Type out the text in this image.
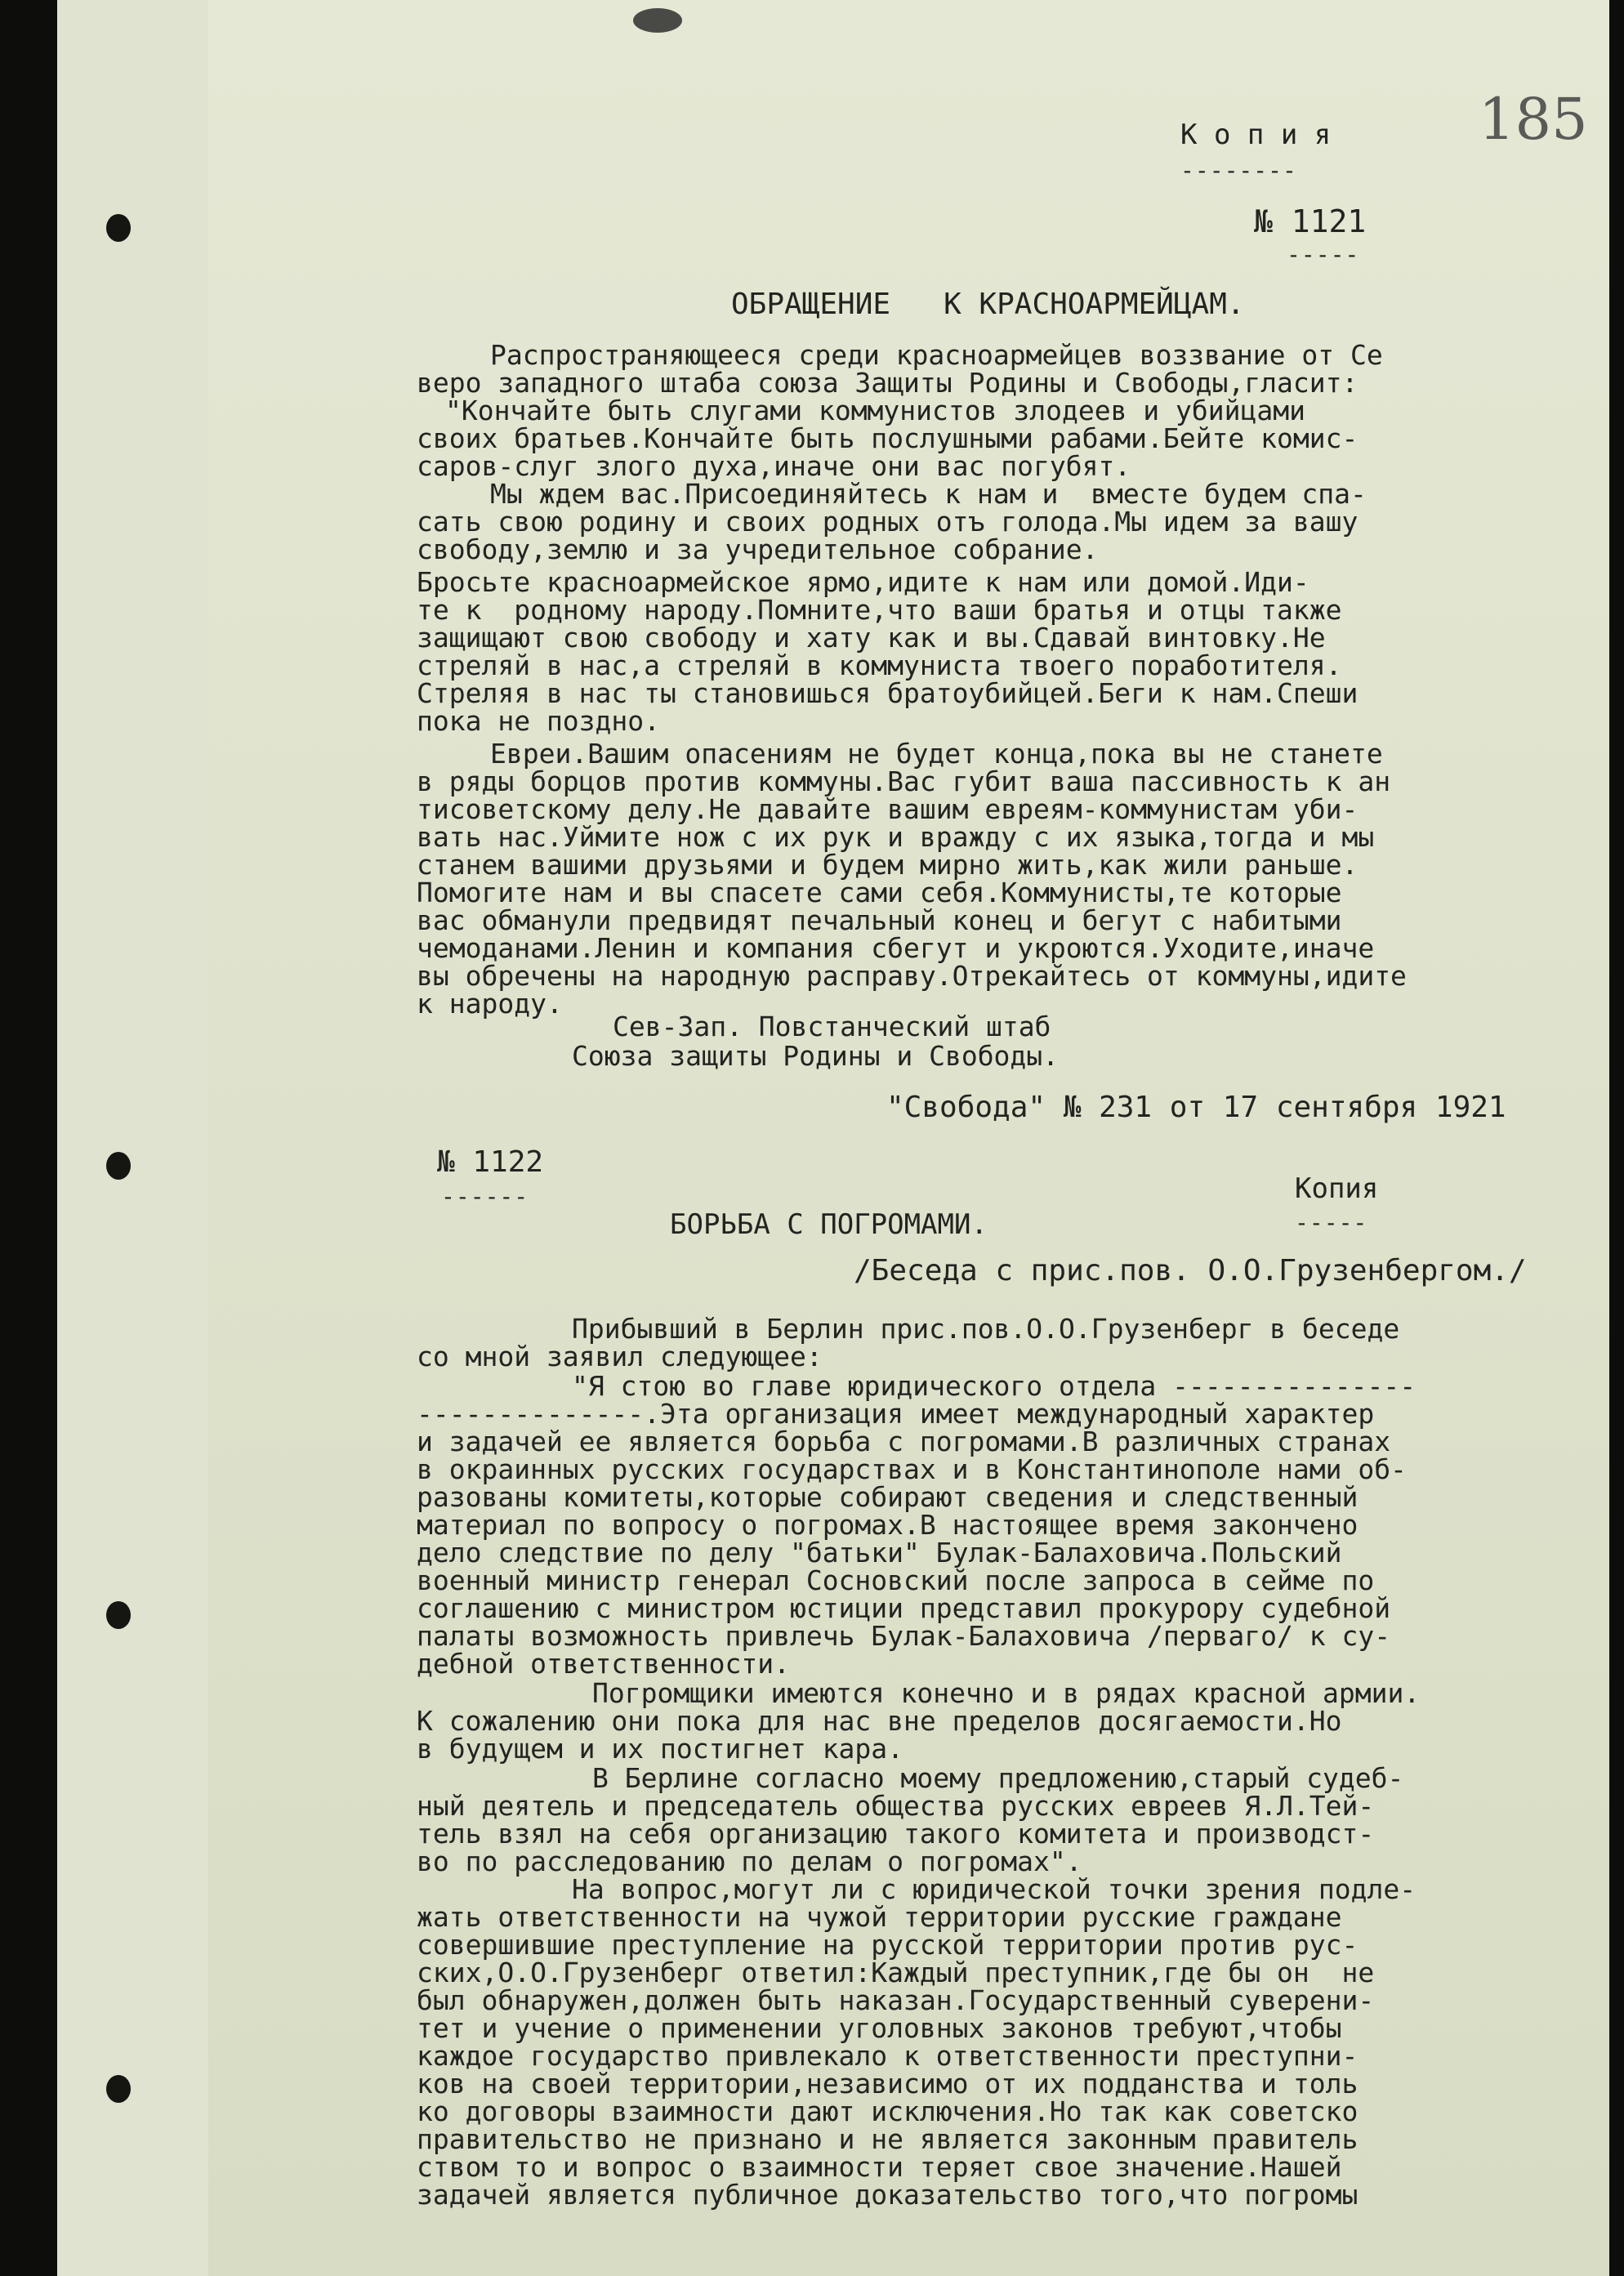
185
К о п и я
--------
№ 1121
-----
ОБРАЩЕНИЕ   К КРАСНОАРМЕЙЦАМ.
Распространяющееся среди красноармейцев воззвание от Се
веро западного штаба союза Защиты Родины и Свободы,гласит:
"Кончайте быть слугами коммунистов злодеев и убийцами
своих братьев.Кончайте быть послушными рабами.Бейте комис-
саров-слуг злого духа,иначе они вас погубят.
Мы ждем вас.Присоединяйтесь к нам и  вместе будем спа-
сать свою родину и своих родных отъ голода.Мы идем за вашу
свободу,землю и за учредительное собрание.
Бросьте красноармейское ярмо,идите к нам или домой.Иди-
те к  родному народу.Помните,что ваши братья и отцы также
защищают свою свободу и хату как и вы.Сдавай винтовку.Не
стреляй в нас,а стреляй в коммуниста твоего поработителя.
Стреляя в нас ты становишься братоубийцей.Беги к нам.Спеши
пока не поздно.
Евреи.Вашим опасениям не будет конца,пока вы не станете
в ряды борцов против коммуны.Вас губит ваша пассивность к ан
тисоветскому делу.Не давайте вашим евреям-коммунистам уби-
вать нас.Уймите нож с их рук и вражду с их языка,тогда и мы
станем вашими друзьями и будем мирно жить,как жили раньше.
Помогите нам и вы спасете сами себя.Коммунисты,те которые
вас обманули предвидят печальный конец и бегут с набитыми
чемоданами.Ленин и компания сбегут и укроются.Уходите,иначе
вы обречены на народную расправу.Отрекайтесь от коммуны,идите
к народу.
Сев-Зап. Повстанческий штаб
Союза защиты Родины и Свободы.
"Свобода" № 231 от 17 сентября 1921
№ 1122
------	Копия
-----
БОРЬБА С ПОГРОМАМИ.
/Беседа с прис.пов. О.О.Грузенбергом./
Прибывший в Берлин прис.пов.О.О.Грузенберг в беседе
со мной заявил следующее:
"Я стою во главе юридического отдела ---------------
--------------.Эта организация имеет международный характер
и задачей ее является борьба с погромами.В различных странах
в окраинных русских государствах и в Константинополе нами об-
разованы комитеты,которые собирают сведения и следственный
материал по вопросу о погромах.В настоящее время закончено
дело следствие по делу "батьки" Булак-Балаховича.Польский
военный министр генерал Сосновский после запроса в сейме по
соглашению с министром юстиции представил прокурору судебной
палаты возможность привлечь Булак-Балаховича /перваго/ к су-
дебной ответственности.
Погромщики имеются конечно и в рядах красной армии.
К сожалению они пока для нас вне пределов досягаемости.Но
в будущем и их постигнет кара.
В Берлине согласно моему предложению,старый судеб-
ный деятель и председатель общества русских евреев Я.Л.Тей-
тель взял на себя организацию такого комитета и производст-
во по расследованию по делам о погромах".
На вопрос,могут ли с юридической точки зрения подле-
жать ответственности на чужой территории русские граждане
совершившие преступление на русской территории против рус-
ских,О.О.Грузенберг ответил:Каждый преступник,где бы он  не
был обнаружен,должен быть наказан.Государственный суверени-
тет и учение о применении уголовных законов требуют,чтобы
каждое государство привлекало к ответственности преступни-
ков на своей территории,независимо от их подданства и толь
ко договоры взаимности дают исключения.Но так как советско
правительство не признано и не является законным правитель
ством то и вопрос о взаимности теряет свое значение.Нашей
задачей является публичное доказательство того,что погромы
